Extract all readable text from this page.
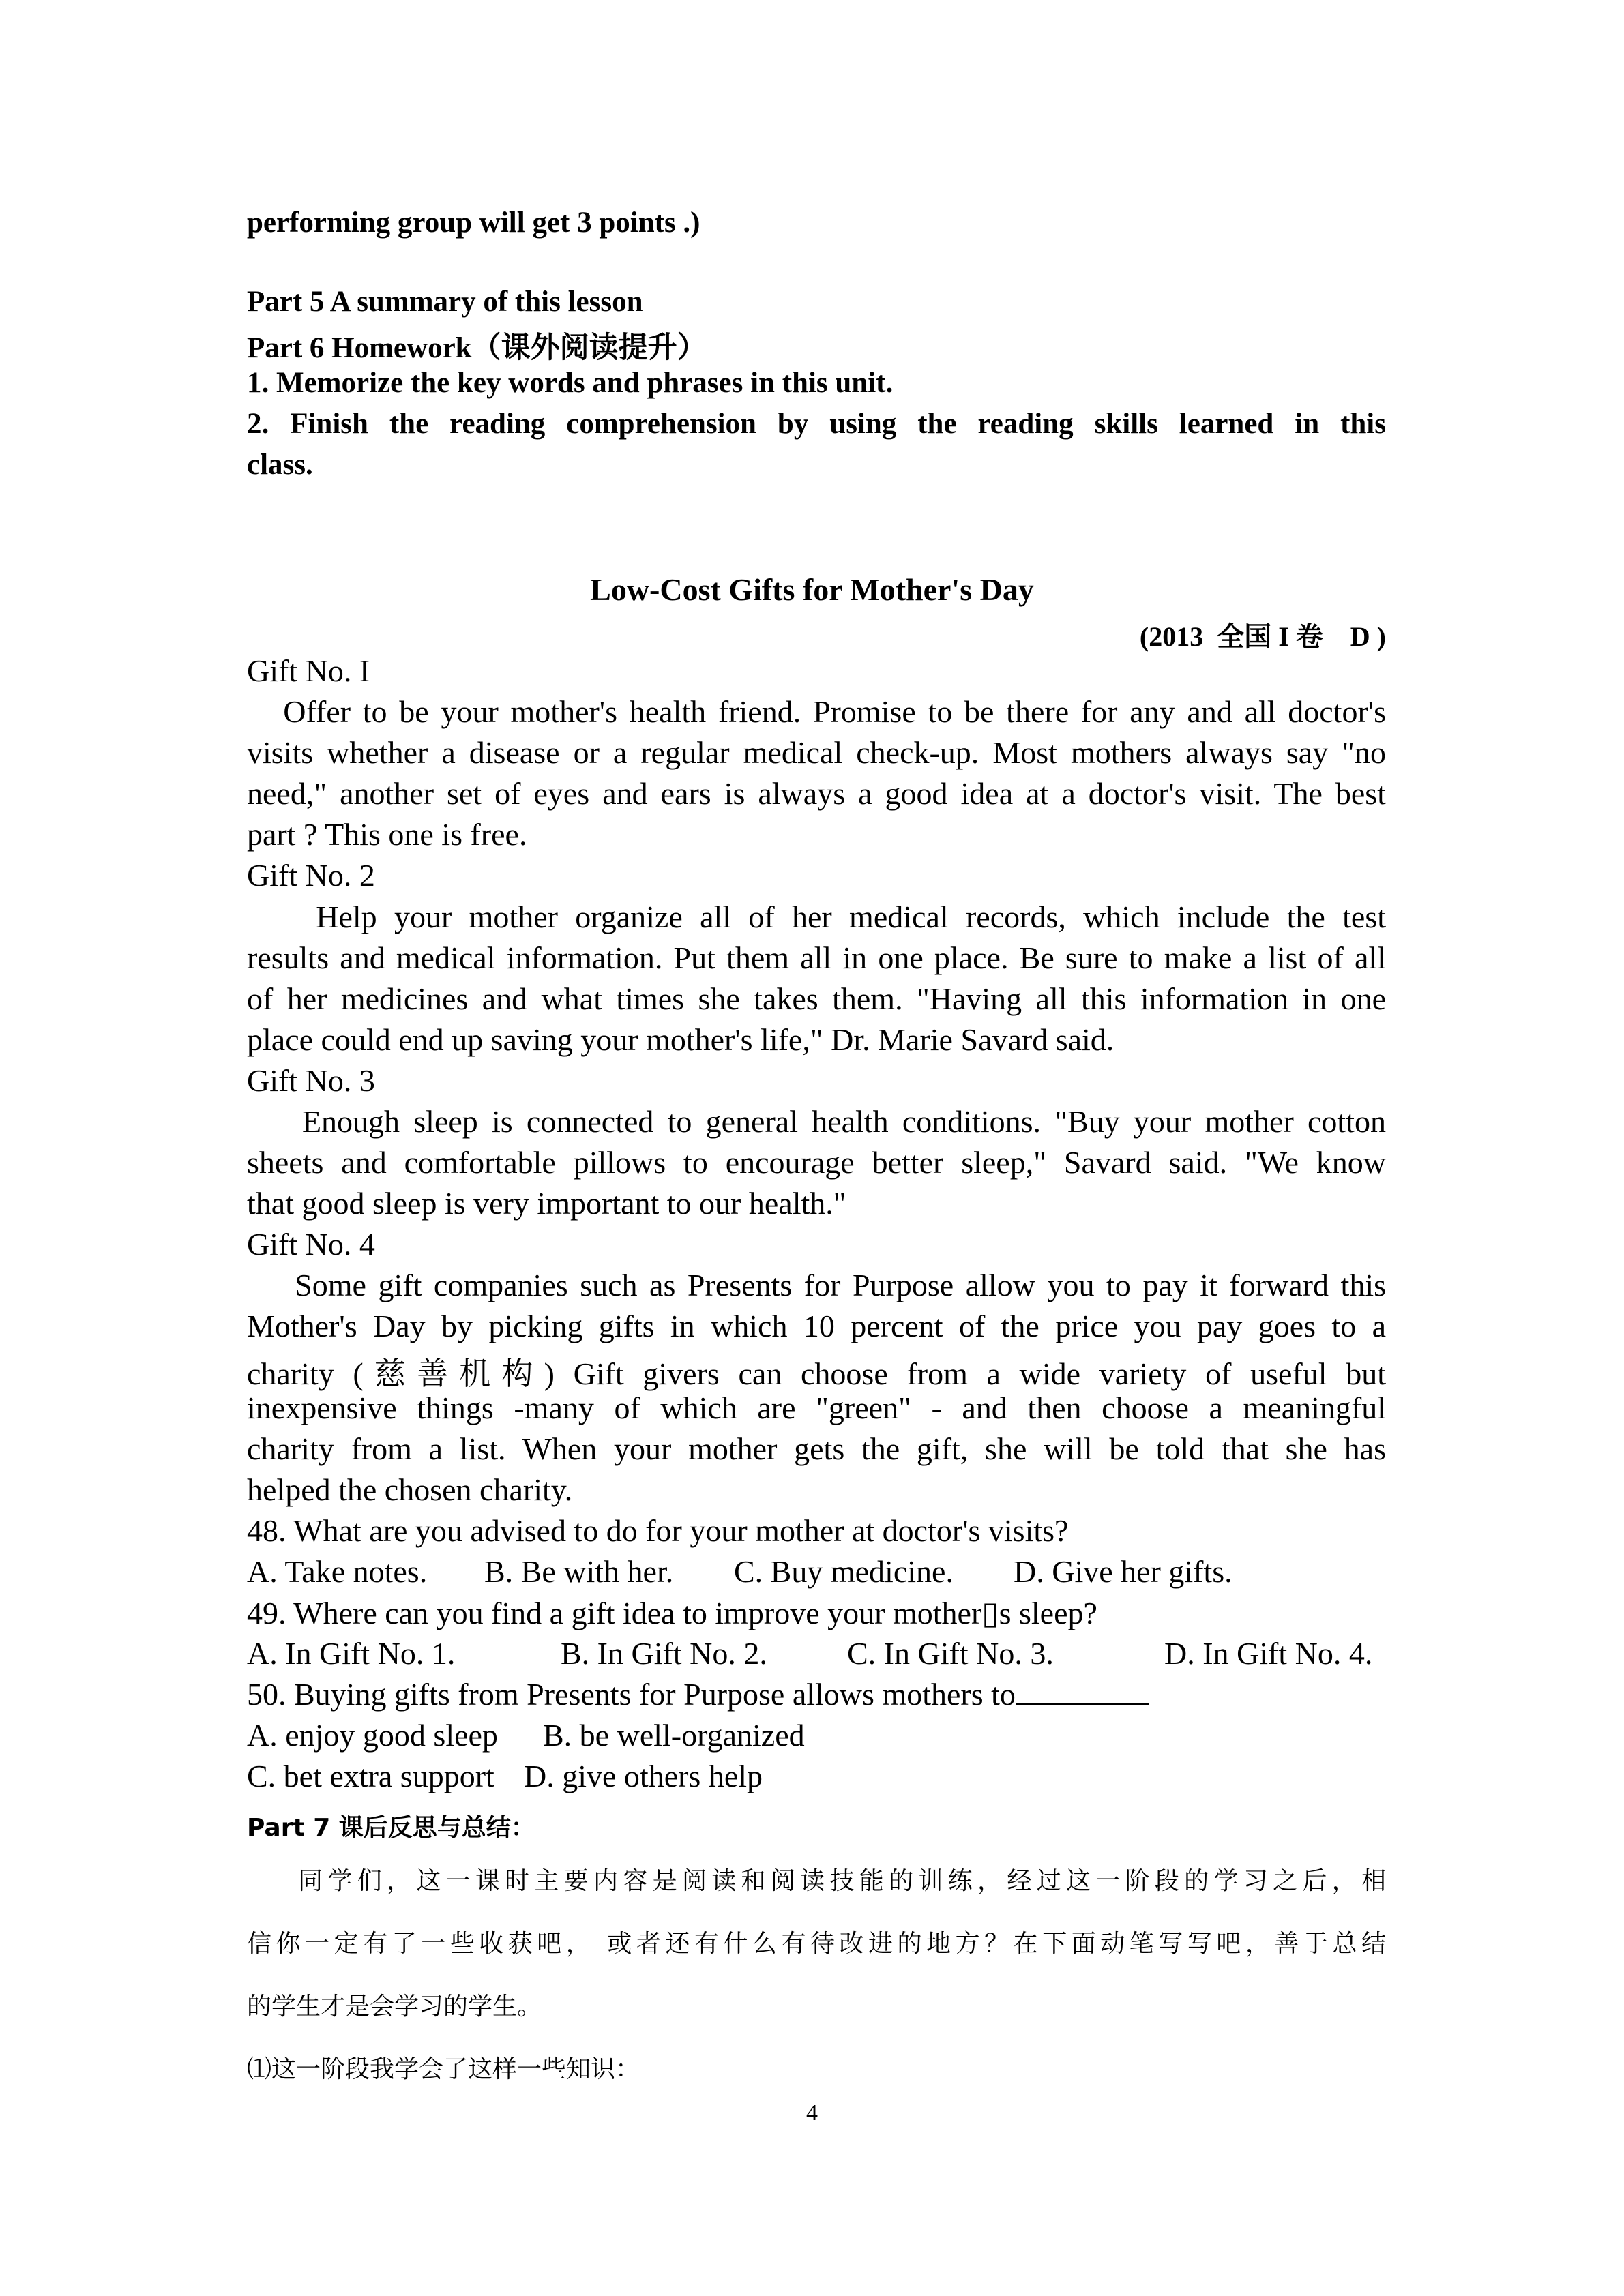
performing group will get 3 points .)

Part 5 A summary of this lesson

Part 6 Homework（课外阅读提升）

1. Memorize the key words and phrases in this unit.

2. Finish the reading comprehension by using the reading skills learned in this

class.

Low-Cost Gifts for Mother's Day

(2013  全国 I 卷    D )

Gift No. I

Offer to be your mother's health friend. Promise to be there for any and all doctor's

visits whether a disease or a regular medical check-up. Most mothers always say "no

need," another set of eyes and ears is always a good idea at a doctor's visit. The best

part ? This one is free.

Gift No. 2

Help your mother organize all of her medical records, which include the test

results and medical information. Put them all in one place. Be sure to make a list of all

of her medicines and what times she takes them. "Having all this information in one

place could end up saving your mother's life," Dr. Marie Savard said.

Gift No. 3

Enough sleep is connected to general health conditions. "Buy your mother cotton

sheets and comfortable pillows to encourage better sleep," Savard said. "We know

that good sleep is very important to our health."

Gift No. 4

Some gift companies such as Presents for Purpose allow you to pay it forward this

Mother's Day by picking gifts in which 10 percent of the price you pay goes to a

charity (慈善机构) Gift givers can choose from a wide variety of useful but

inexpensive things -many of which are "green" - and then choose a meaningful

charity from a list. When your mother gets the gift, she will be told that she has

helped the chosen charity.

48. What are you advised to do for your mother at doctor's visits?

A. Take notes. B. Be with her. C. Buy medicine. D. Give her gifts.

49. Where can you find a gift idea to improve your mother▯s sleep?

A. In Gift No. 1.	B. In Gift No. 2.	C. In Gift No. 3.	D. In Gift No. 4.

50. Buying gifts from Presents for Purpose allows mothers to

A. enjoy good sleep B. be well-organized
C. bet extra support D. give others help

Part 7 课后反思与总结：

同学们，这一课时主要内容是阅读和阅读技能的训练，经过这一阶段的学习之后，相

信你一定有了一些收获吧， 或者还有什么有待改进的地方？在下面动笔写写吧，善于总结

的学生才是会学习的学生。

⑴这一阶段我学会了这样一些知识：

4
